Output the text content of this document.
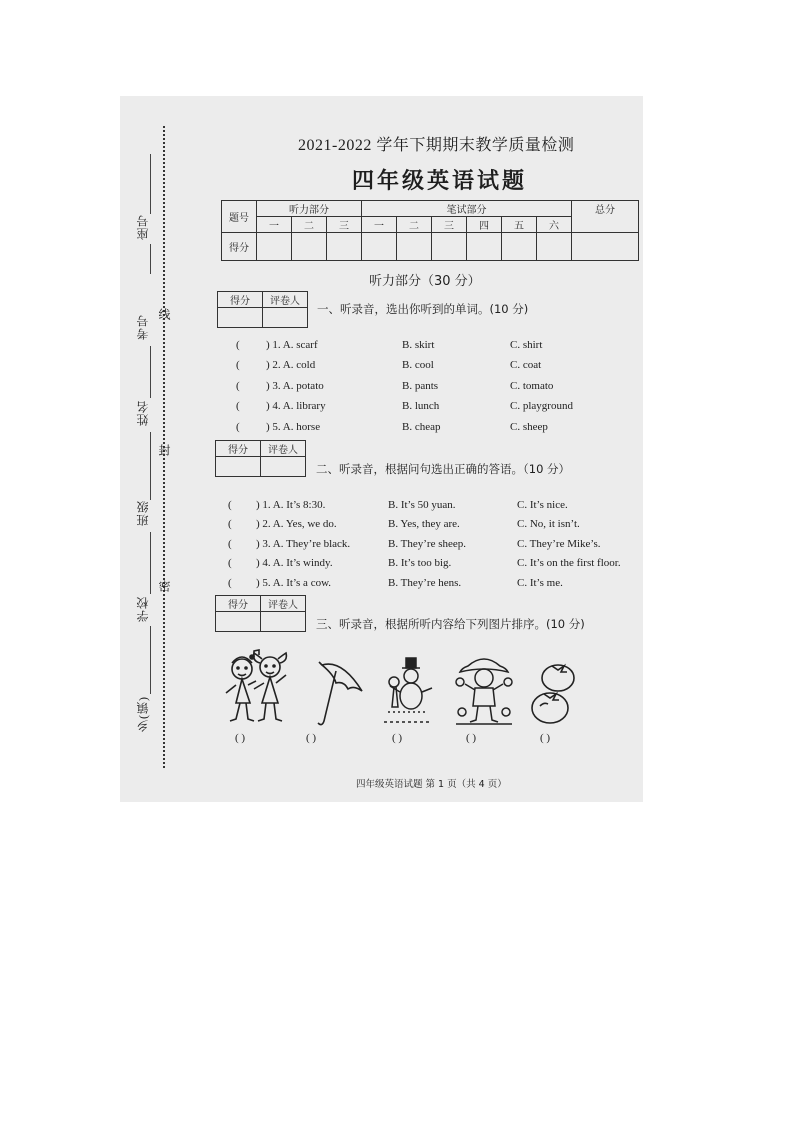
座号
考号
姓名
班级
学校
乡(镇)
线
封
密
2021-2022 学年下期期末教学质量检测
四年级英语试题
题号	听力部分			笔试部分						总分
	一	二	三	一	二	三	四	五	六	
得分										
听力部分（30 分）
得分	评卷人

一、听录音，选出你听到的单词。(10 分)
( ) 1. A. scarf	B. skirt	C. shirt
( ) 2. A. cold	B. cool	C. coat
( ) 3. A. potato	B. pants	C. tomato
( ) 4. A. library	B. lunch	C. playground
( ) 5. A. horse	B. cheap	C. sheep
得分	评卷人

二、听录音，根据问句选出正确的答语。（10 分）
( ) 1. A. It’s 8:30.	B. It’s 50 yuan.	C. It’s nice.
( ) 2. A. Yes, we do.	B. Yes, they are.	C. No, it isn’t.
( ) 3. A. They’re black.	B. They’re sheep.	C. They’re Mike’s.
( ) 4. A. It’s windy.	B. It’s too big.	C. It’s on the first floor.
( ) 5. A. It’s a cow.	B. They’re hens.	C. It’s me.
得分	评卷人

三、听录音，根据所听内容给下列图片排序。(10 分)
( )	( )	( )	( )	( )
四年级英语试题 第 1 页（共 4 页）
